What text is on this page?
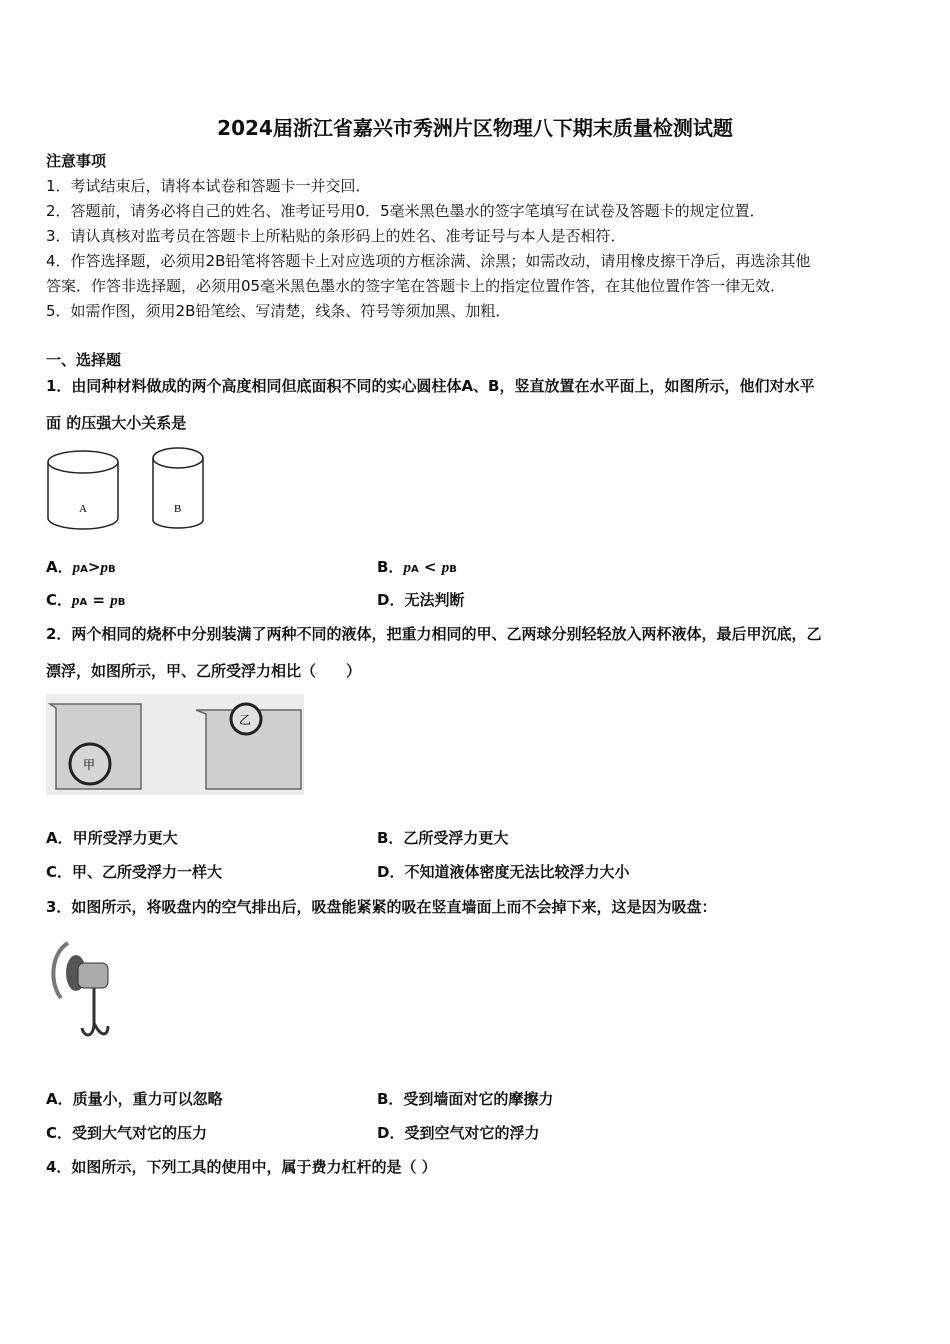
2024届浙江省嘉兴市秀洲片区物理八下期末质量检测试题
注意事项
1．考试结束后，请将本试卷和答题卡一并交回．
2．答题前，请务必将自己的姓名、准考证号用0．5毫米黑色墨水的签字笔填写在试卷及答题卡的规定位置．
3．请认真核对监考员在答题卡上所粘贴的条形码上的姓名、准考证号与本人是否相符．
4．作答选择题，必须用2B铅笔将答题卡上对应选项的方框涂满、涂黑；如需改动，请用橡皮擦干净后，再选涂其他
答案．作答非选择题，必须用05毫米黑色墨水的签字笔在答题卡上的指定位置作答，在其他位置作答一律无效．
5．如需作图，须用2B铅笔绘、写清楚，线条、符号等须加黑、加粗．
一、选择题
1．由同种材料做成的两个高度相同但底面积不同的实心圆柱体A、B，竖直放置在水平面上，如图所示，他们对水平
面 的压强大小关系是
A	B
A．pA>pB	B．pA < pB
C．pA = pB	D．无法判断
2．两个相同的烧杯中分别装满了两种不同的液体，把重力相同的甲、乙两球分别轻轻放入两杯液体，最后甲沉底，乙
漂浮，如图所示，甲、乙所受浮力相比（　　）
甲
乙
A．甲所受浮力更大	B．乙所受浮力更大
C．甲、乙所受浮力一样大	D．不知道液体密度无法比较浮力大小
3．如图所示，将吸盘内的空气排出后，吸盘能紧紧的吸在竖直墙面上而不会掉下来，这是因为吸盘：
A．质量小，重力可以忽略	B．受到墙面对它的摩擦力
C．受到大气对它的压力	D．受到空气对它的浮力
4．如图所示，下列工具的使用中，属于费力杠杆的是（ ）
